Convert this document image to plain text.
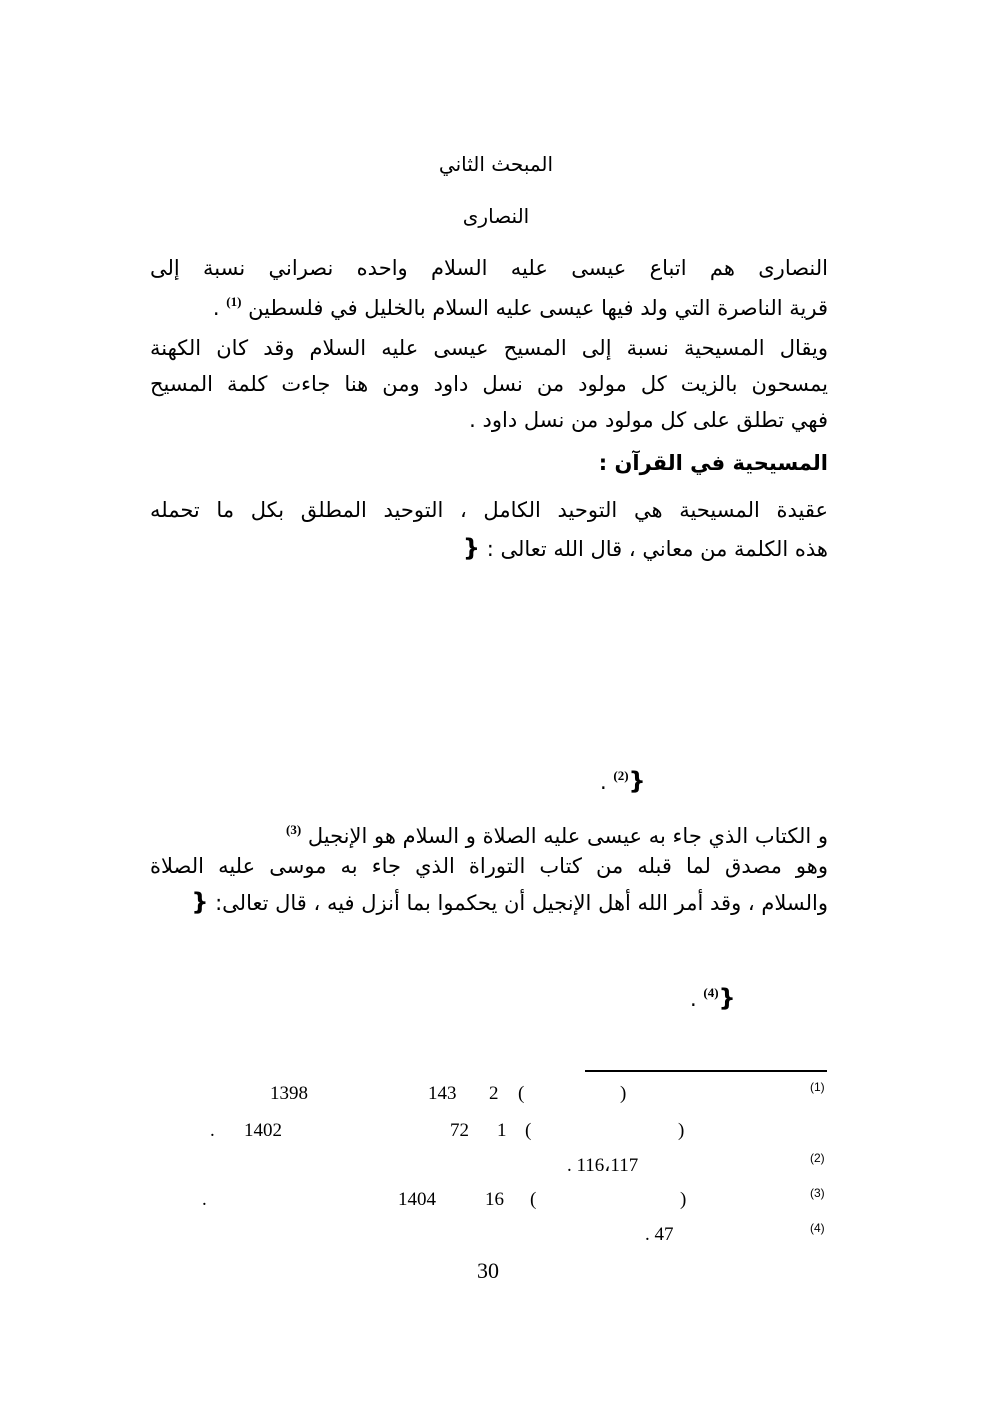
المبحث الثاني
النصارى
النصارى هم اتباع عيسى عليه السلام واحده نصراني نسبة إلى
قرية الناصرة التي ولد فيها عيسى عليه السلام بالخليل في فلسطين $^{(1)}$ .
ويقال المسيحية نسبة إلى المسيح عيسى عليه السلام وقد كان الكهنة
يمسحون بالزيت كل مولود من نسل داود ومن هنا جاءت كلمة المسيح
فهي تطلق على كل مولود من نسل داود .
المسيحية في القرآن :
عقيدة المسيحية هي التوحيد الكامل ، التوحيد المطلق بكل ما تحمله
هذه الكلمة من معاني ، قال الله تعالى : {
. $^{(2)}$}
و الكتاب الذي جاء به عيسى عليه الصلاة و السلام هو الإنجيل $^{(3)}$
وهو مصدق لما قبله من كتاب التوراة الذي جاء به موسى عليه الصلاة
والسلام ، وقد أمر الله أهل الإنجيل أن يحكموا بما أنزل فيه ، قال تعالى: {
. $^{(4)}$}
(1)
1398	143 2 (	)
. 1402	72 1 (	)
(2)
. 116،117
(3)
.	1404	16 (	)
(4)
. 47
30
